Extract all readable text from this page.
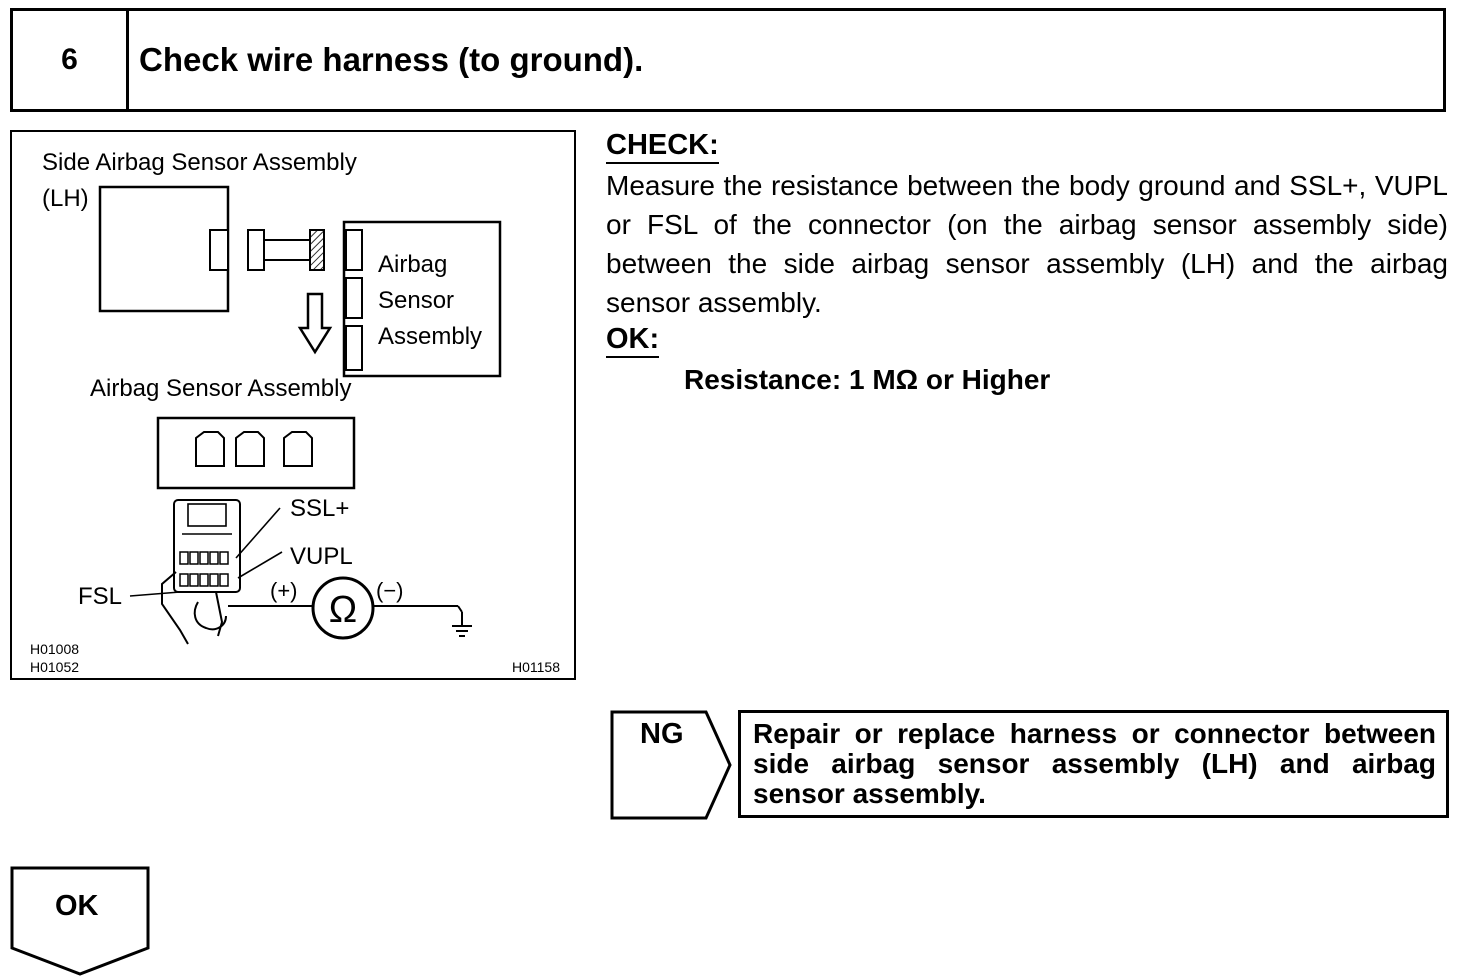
6	Check wire harness (to ground).
Side Airbag Sensor Assembly
(LH)
Airbag
Sensor
Assembly
Airbag Sensor Assembly
SSL+
VUPL
FSL	Ω
(+)	(−)
H01008
H01052	H01158
CHECK:
Measure the resistance between the body ground and SSL+, VUPL or FSL of the connector (on the airbag sensor assembly side) between the side airbag sensor assembly (LH) and the airbag sensor assembly.
OK:
Resistance: 1 MΩ or Higher
NG	Repair or replace harness or connector between side airbag sensor assembly (LH) and airbag sensor assembly.
OK
